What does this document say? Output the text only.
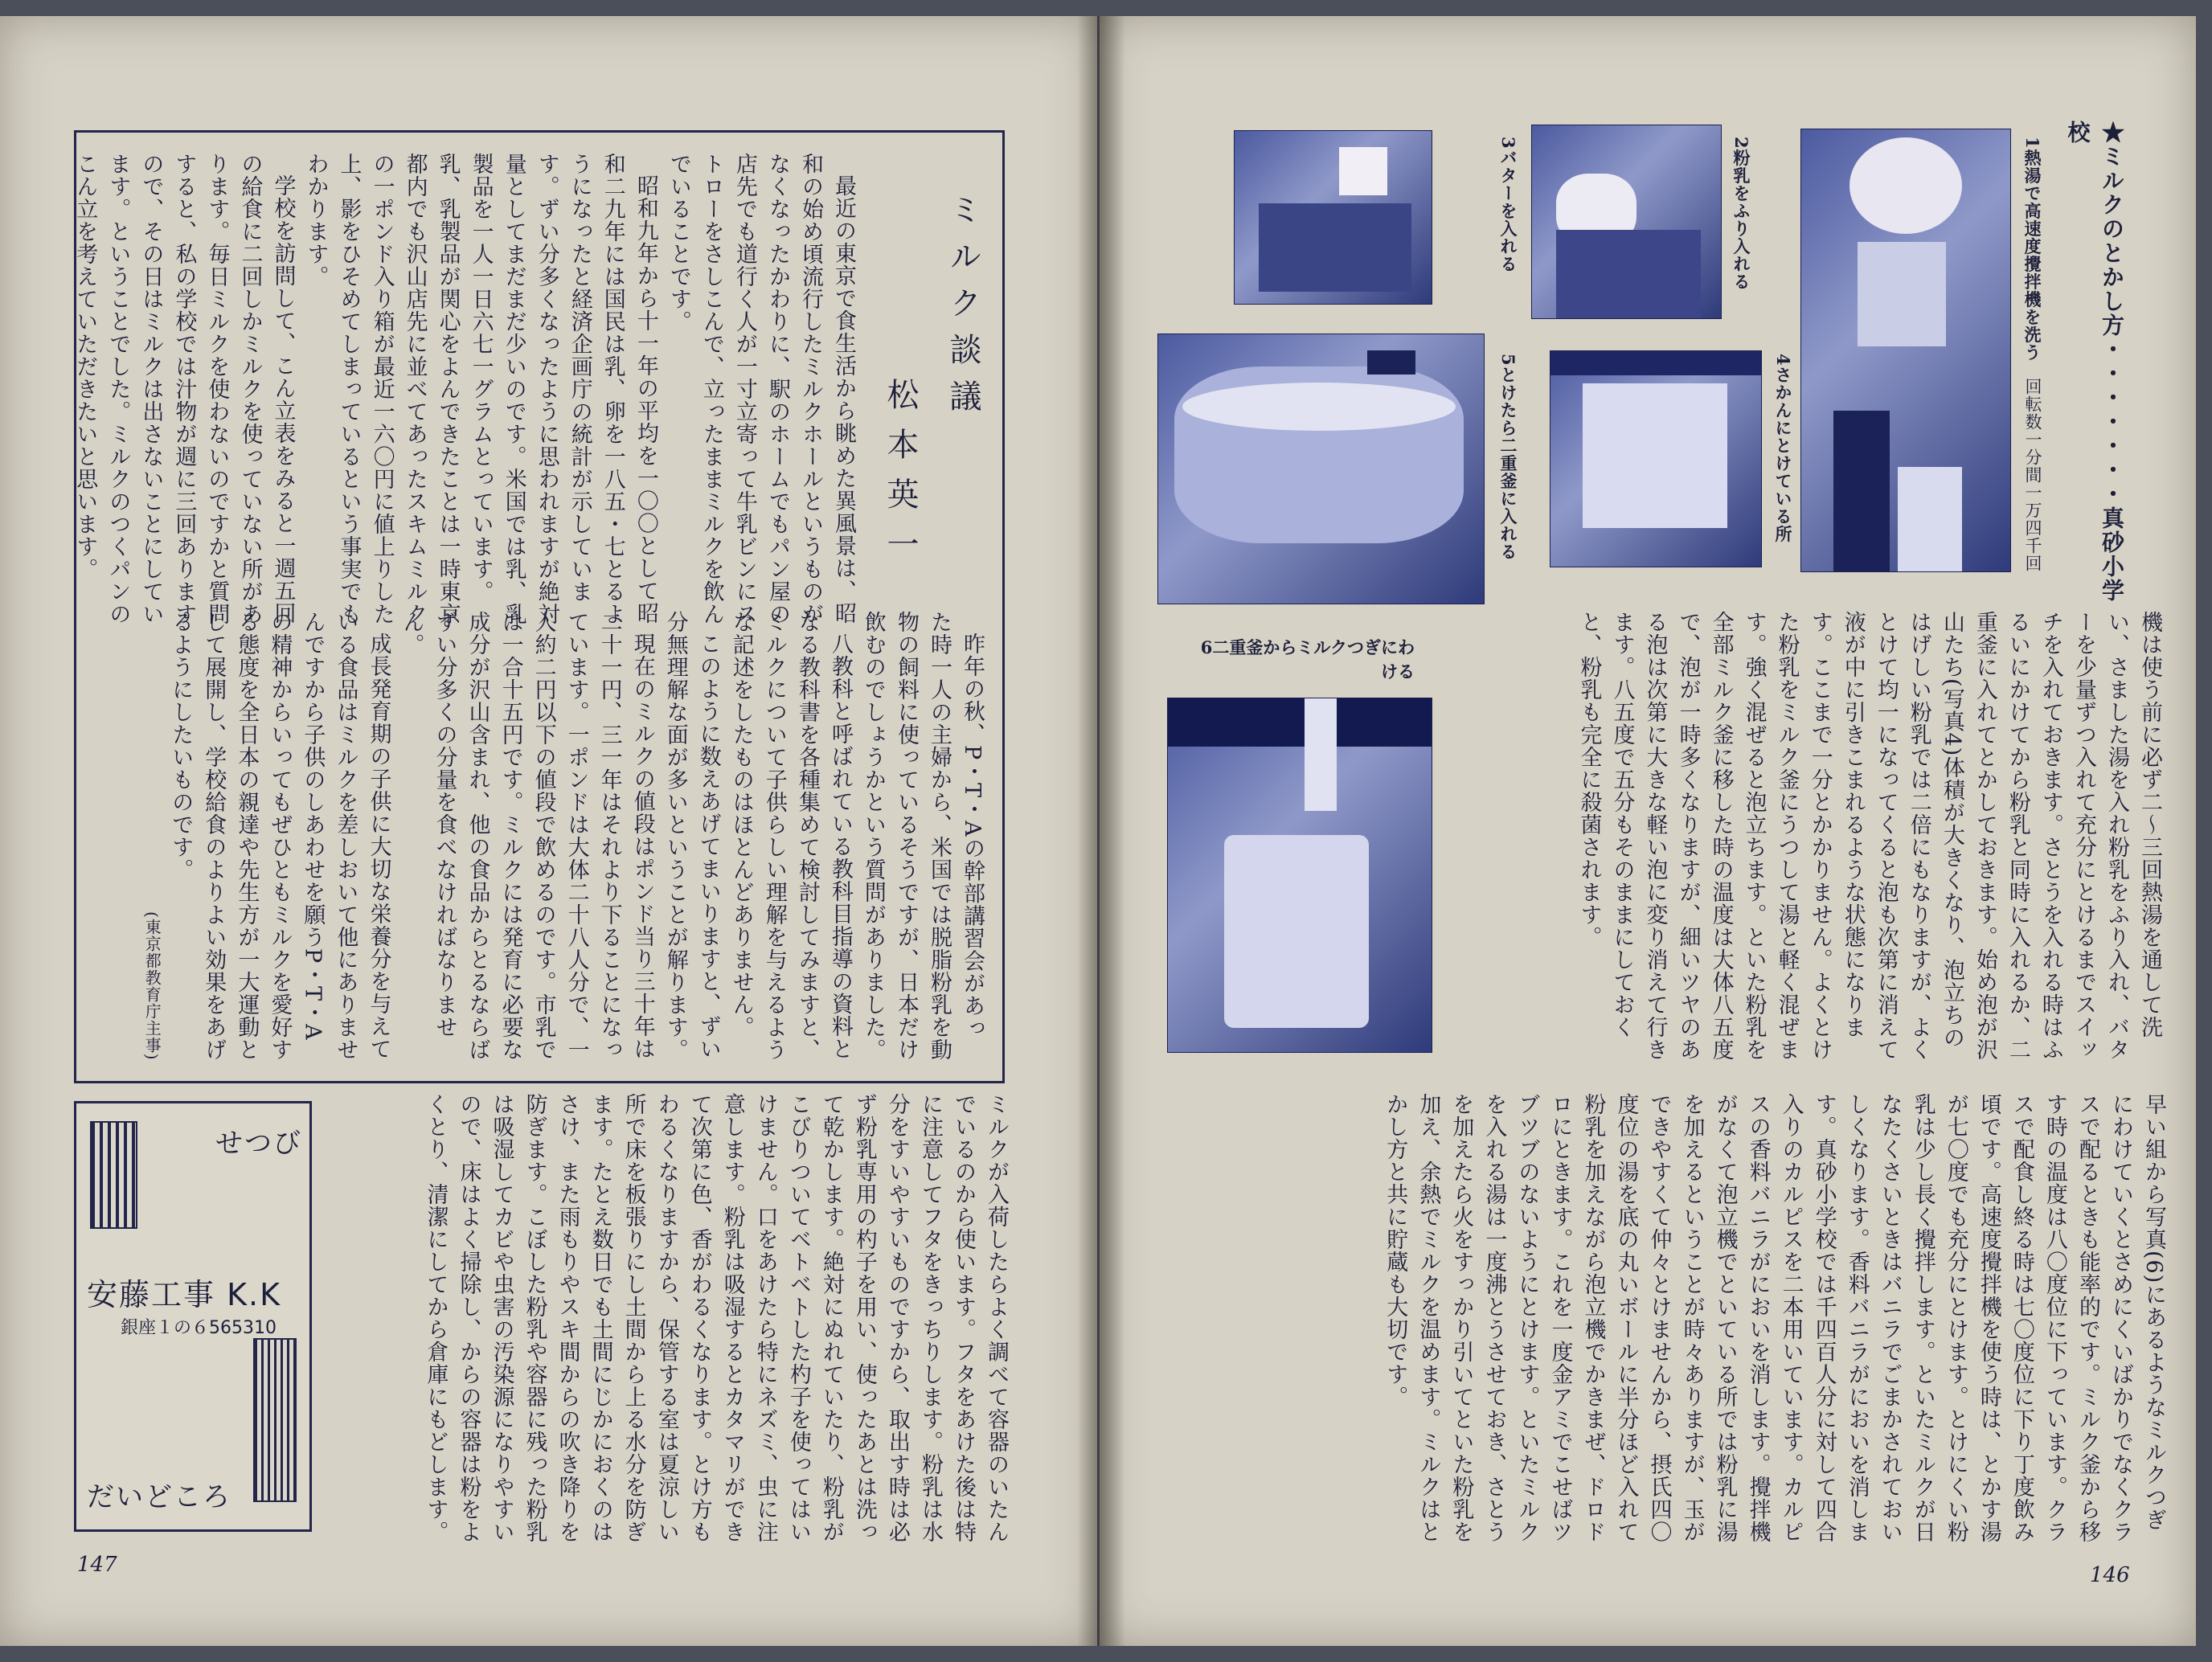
ミルク談議
松本英一

最近の東京で食生活から眺めた異風景は、昭和の始め頃流行したミルクホールというものがなくなったかわりに、駅のホームでもパン屋の店先でも道行く人が一寸立寄って牛乳ビンにストローをさしこんで、立ったままミルクを飲んでいることです。

昭和九年から十一年の平均を一〇〇として昭和二九年には国民は乳、卵を一八五・七とるようになったと経済企画庁の統計が示しています。ずい分多くなったように思われますが絶対量としてまだまだ少いのです。米国では乳、乳製品を一人一日六七一グラムとっています。乳、乳製品が関心をよんできたことは一時東京都内でも沢山店先に並べてあったスキムミルクの一ポンド入り箱が最近一六〇円に値上りした上、影をひそめてしまっているという事実でもわかります。

学校を訪問して、こん立表をみると一週五回の給食に二回しかミルクを使っていない所があります。毎日ミルクを使わないのですかと質問すると、私の学校では汁物が週に三回ありますので、その日はミルクは出さないことにしています。ということでした。ミルクのつくパンのこん立を考えていただきたいと思います。

昨年の秋、P・T・Aの幹部講習会があった時一人の主婦から、米国では脱脂粉乳を動物の飼料に使っているそうですが、日本だけ飲むのでしょうかという質問がありました。

八教科と呼ばれている教科目指導の資料となる教科書を各種集めて検討してみますと、ミルクについて子供らしい理解を与えるような記述をしたものはほとんどありません。

このように数えあげてまいりますと、ずい分無理解な面が多いということが解ります。

現在のミルクの値段はポンド当り三十年は二十一円、三一年はそれより下ることになっています。一ポンドは大体二十八人分で、一人約二円以下の値段で飲めるのです。市乳では一合十五円です。ミルクには発育に必要な成分が沢山含まれ、他の食品からとるならばずい分多くの分量を食べなければなりません。

成長発育期の子供に大切な栄養分を与えている食品はミルクを差しおいて他にありませんですから子供のしあわせを願うP・T・Aの精神からいってもぜひともミルクを愛好する態度を全日本の親達や先生方が一大運動として展開し、学校給食のよりよい効果をあげるようにしたいものです。

(東京都教育庁主事)

ミルクが入荷したらよく調べて容器のいたんでいるのから使います。フタをあけた後は特に注意してフタをきっちりします。粉乳は水分をすいやすいものですから、取出す時は必ず粉乳専用の杓子を用い、使ったあとは洗って乾かします。絶対にぬれていたり、粉乳がこびりついてベトベトした杓子を使ってはいけません。口をあけたら特にネズミ、虫に注意します。粉乳は吸湿するとカタマリができて次第に色、香がわるくなります。とけ方もわるくなりますから、保管する室は夏涼しい所で床を板張りにし土間から上る水分を防ぎます。たとえ数日でも土間にじかにおくのはさけ、また雨もりやスキ間からの吹き降りを防ぎます。こぼした粉乳や容器に残った粉乳は吸湿してカビや虫害の汚染源になりやすいので、床はよく掃除し、からの容器は粉をよくとり、清潔にしてから倉庫にもどします。
せつび
安藤工事 K.K
銀座１の６565310
だいどころ
147
★ミルクのとかし方・・・・・・・真砂小学校
1熱湯で高速度攪拌機を洗う
回転数一分間一万四千回
2粉乳をふり入れる
3バターを入れる
4さかんにとけている所
5とけたら二重釜に入れる
6二重釜からミルクつぎにわける	機は使う前に必ず二〜三回熱湯を通して洗い、さました湯を入れ粉乳をふり入れ、バターを少量ずつ入れて充分にとけるまでスイッチを入れておきます。さとうを入れる時はふるいにかけてから粉乳と同時に入れるか、二重釜に入れてとかしておきます。始め泡が沢山たち(写真4)体積が大きくなり、泡立ちのはげしい粉乳では二倍にもなりますが、よくとけて均一になってくると泡も次第に消えて液が中に引きこまれるような状態になります。ここまで一分とかかりません。よくとけた粉乳をミルク釜にうつして湯と軽く混ぜます。強く混ぜると泡立ちます。といた粉乳を全部ミルク釜に移した時の温度は大体八五度で、泡が一時多くなりますが、細いツヤのある泡は次第に大きな軽い泡に変り消えて行きます。八五度で五分もそのままにしておくと、粉乳も完全に殺菌されます。
早い組から写真(6)にあるようなミルクつぎにわけていくとさめにくいばかりでなくクラスで配るときも能率的です。ミルク釜から移す時の温度は八〇度位に下っています。クラスで配食し終る時は七〇度位に下り丁度飲み頃です。高速度攪拌機を使う時は、とかす湯が七〇度でも充分にとけます。とけにくい粉乳は少し長く攪拌します。といたミルクが日なたくさいときはバニラでごまかされておいしくなります。香料バニラがにおいを消します。真砂小学校では千四百人分に対して四合入りのカルピスを二本用いています。カルピスの香料バニラがにおいを消します。攪拌機がなくて泡立機でといている所では粉乳に湯を加えるということが時々ありますが、玉ができやすくて仲々とけませんから、摂氏四〇度位の湯を底の丸いボールに半分ほど入れて粉乳を加えながら泡立機でかきまぜ、ドロドロにときます。これを一度金アミでこせばツブツブのないようにとけます。といたミルクを入れる湯は一度沸とうさせておき、さとうを加えたら火をすっかり引いてといた粉乳を加え、余熱でミルクを温めます。ミルクはとかし方と共に貯蔵も大切です。
146
